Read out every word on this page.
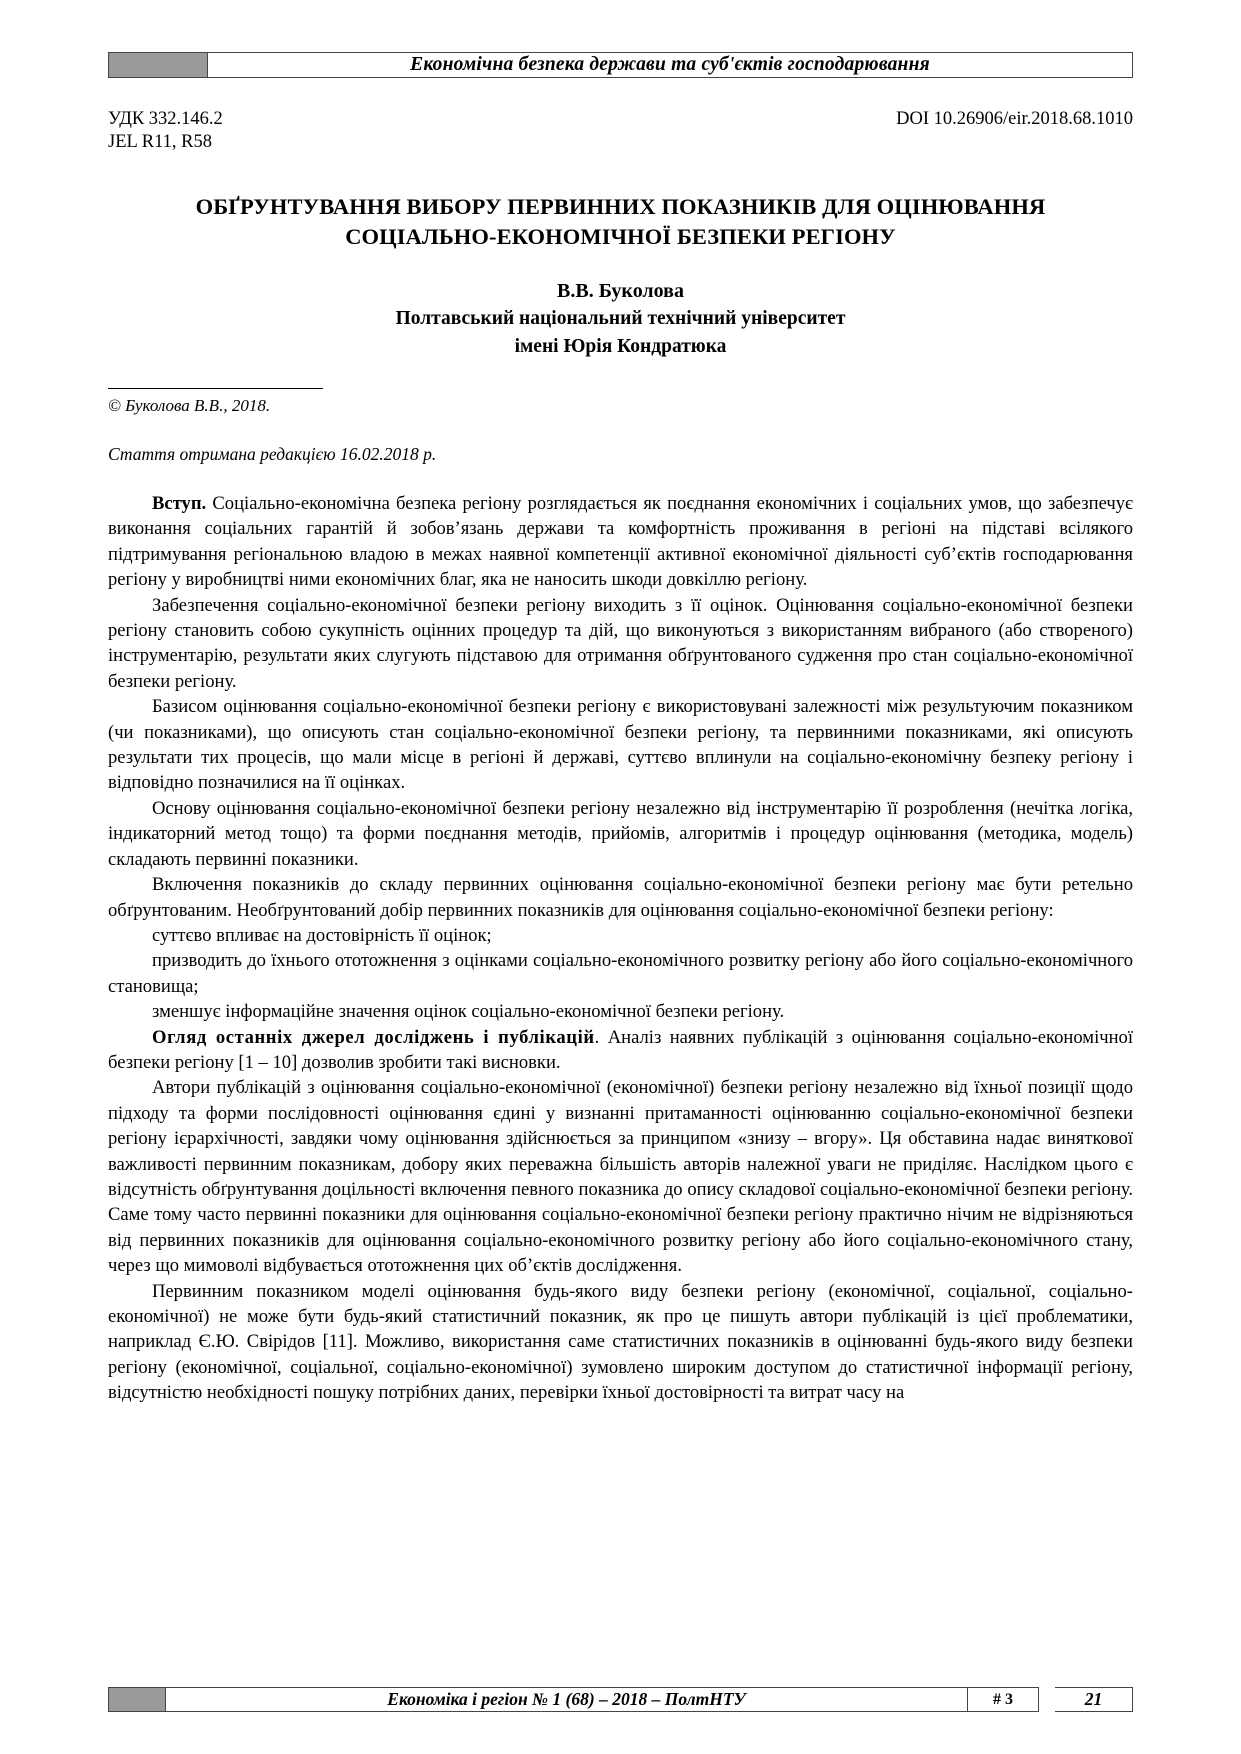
Економічна безпека держави та суб'єктів господарювання
УДК 332.146.2
JEL R11, R58
DOI 10.26906/eir.2018.68.1010
ОБҐРУНТУВАННЯ ВИБОРУ ПЕРВИННИХ ПОКАЗНИКІВ ДЛЯ ОЦІНЮВАННЯ СОЦІАЛЬНО-ЕКОНОМІЧНОЇ БЕЗПЕКИ РЕГІОНУ
В.В. Буколова
Полтавський національний технічний університет
імені Юрія Кондратюка
© Буколова В.В., 2018.
Стаття отримана редакцією 16.02.2018 р.

Вступ. Соціально-економічна безпека регіону розглядається як поєднання економічних і соціальних умов, що забезпечує виконання соціальних гарантій й зобов’язань держави та комфортність проживання в регіоні на підставі всілякого підтримування регіональною владою в межах наявної компетенції активної економічної діяльності суб’єктів господарювання регіону у виробництві ними економічних благ, яка не наносить шкоди довкіллю регіону.

Забезпечення соціально-економічної безпеки регіону виходить з її оцінок. Оцінювання соціально-економічної безпеки регіону становить собою сукупність оцінних процедур та дій, що виконуються з використанням вибраного (або створеного) інструментарію, результати яких слугують підставою для отримання обґрунтованого судження про стан соціально-економічної безпеки регіону.

Базисом оцінювання соціально-економічної безпеки регіону є використовувані залежності між результуючим показником (чи показниками), що описують стан соціально-економічної безпеки регіону, та первинними показниками, які описують результати тих процесів, що мали місце в регіоні й державі, суттєво вплинули на соціально-економічну безпеку регіону і відповідно позначилися на її оцінках.

Основу оцінювання соціально-економічної безпеки регіону незалежно від інструментарію її розроблення (нечітка логіка, індикаторний метод тощо) та форми поєднання методів, прийомів, алгоритмів і процедур оцінювання (методика, модель) складають первинні показники.

Включення показників до складу первинних оцінювання соціально-економічної безпеки регіону має бути ретельно обґрунтованим. Необґрунтований добір первинних показників для оцінювання соціально-економічної безпеки регіону:

суттєво впливає на достовірність її оцінок;

призводить до їхнього ототожнення з оцінками соціально-економічного розвитку регіону або його соціально-економічного становища;

зменшує інформаційне значення оцінок соціально-економічної безпеки регіону.

Огляд останніх джерел досліджень і публікацій. Аналіз наявних публікацій з оцінювання соціально-економічної безпеки регіону [1 – 10] дозволив зробити такі висновки.

Автори публікацій з оцінювання соціально-економічної (економічної) безпеки регіону незалежно від їхньої позиції щодо підходу та форми послідовності оцінювання єдині у визнанні притаманності оцінюванню соціально-економічної безпеки регіону ієрархічності, завдяки чому оцінювання здійснюється за принципом «знизу – вгору». Ця обставина надає виняткової важливості первинним показникам, добору яких переважна більшість авторів належної уваги не приділяє. Наслідком цього є відсутність обґрунтування доцільності включення певного показника до опису складової соціально-економічної безпеки регіону. Саме тому часто первинні показники для оцінювання соціально-економічної безпеки регіону практично нічим не відрізняються від первинних показників для оцінювання соціально-економічного розвитку регіону або його соціально-економічного стану, через що мимоволі відбувається ототожнення цих об’єктів дослідження.

Первинним показником моделі оцінювання будь-якого виду безпеки регіону (економічної, соціальної, соціально-економічної) не може бути будь-який статистичний показник, як про це пишуть автори публікацій із цієї проблематики, наприклад Є.Ю. Свірідов [11]. Можливо, використання саме статистичних показників в оцінюванні будь-якого виду безпеки регіону (економічної, соціальної, соціально-економічної) зумовлено широким доступом до статистичної інформації регіону, відсутністю необхідності пошуку потрібних даних, перевірки їхньої достовірності та витрат часу на

Економіка і регіон № 1 (68) – 2018 – ПолтНТУ	# 3	21
